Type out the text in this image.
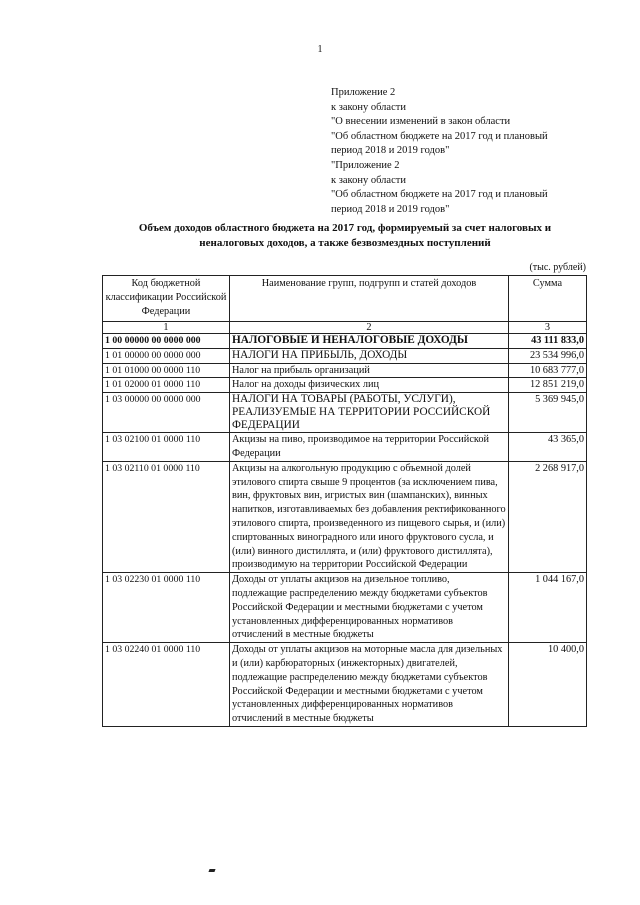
1
Приложение 2
к закону области
"О внесении изменений в закон области
"Об областном бюджете на 2017 год и плановый
период 2018 и 2019 годов"
"Приложение 2
к закону области
"Об областном бюджете на 2017 год и плановый
период 2018 и 2019 годов"
Объем доходов областного бюджета на 2017 год, формируемый за счет налоговых и
неналоговых доходов, а также безвозмездных поступлений
(тыс. рублей)
Код бюджетной классификации Российской Федерации	Наименование групп, подгрупп и статей доходов	Сумма
1	2	3
1 00 00000 00 0000 000	НАЛОГОВЫЕ И НЕНАЛОГОВЫЕ ДОХОДЫ	43 111 833,0
1 01 00000 00 0000 000	НАЛОГИ НА ПРИБЫЛЬ, ДОХОДЫ	23 534 996,0
1 01 01000 00 0000 110	Налог на прибыль организаций	10 683 777,0
1 01 02000 01 0000 110	Налог на доходы физических лиц	12 851 219,0
1 03 00000 00 0000 000	НАЛОГИ НА ТОВАРЫ (РАБОТЫ, УСЛУГИ), РЕАЛИЗУЕМЫЕ НА ТЕРРИТОРИИ РОССИЙСКОЙ ФЕДЕРАЦИИ	5 369 945,0
1 03 02100 01 0000 110	Акцизы на пиво, производимое на территории Российской Федерации	43 365,0
1 03 02110 01 0000 110	Акцизы на алкогольную продукцию с объемной долей этилового спирта свыше 9 процентов (за исключением пива, вин, фруктовых вин, игристых вин (шампанских), винных напитков, изготавливаемых без добавления ректификованного этилового спирта, произведенного из пищевого сырья, и (или) спиртованных виноградного или иного фруктового сусла, и (или) винного дистиллята, и (или) фруктового дистиллята), производимую на территории Российской Федерации	2 268 917,0
1 03 02230 01 0000 110	Доходы от уплаты акцизов на дизельное топливо, подлежащие распределению между бюджетами субъектов Российской Федерации и местными бюджетами с учетом установленных дифференцированных нормативов отчислений в местные бюджеты	1 044 167,0
1 03 02240 01 0000 110	Доходы от уплаты акцизов на моторные масла для дизельных и (или) карбюраторных (инжекторных) двигателей, подлежащие распределению между бюджетами субъектов Российской Федерации и местными бюджетами с учетом установленных дифференцированных нормативов отчислений в местные бюджеты	10 400,0
